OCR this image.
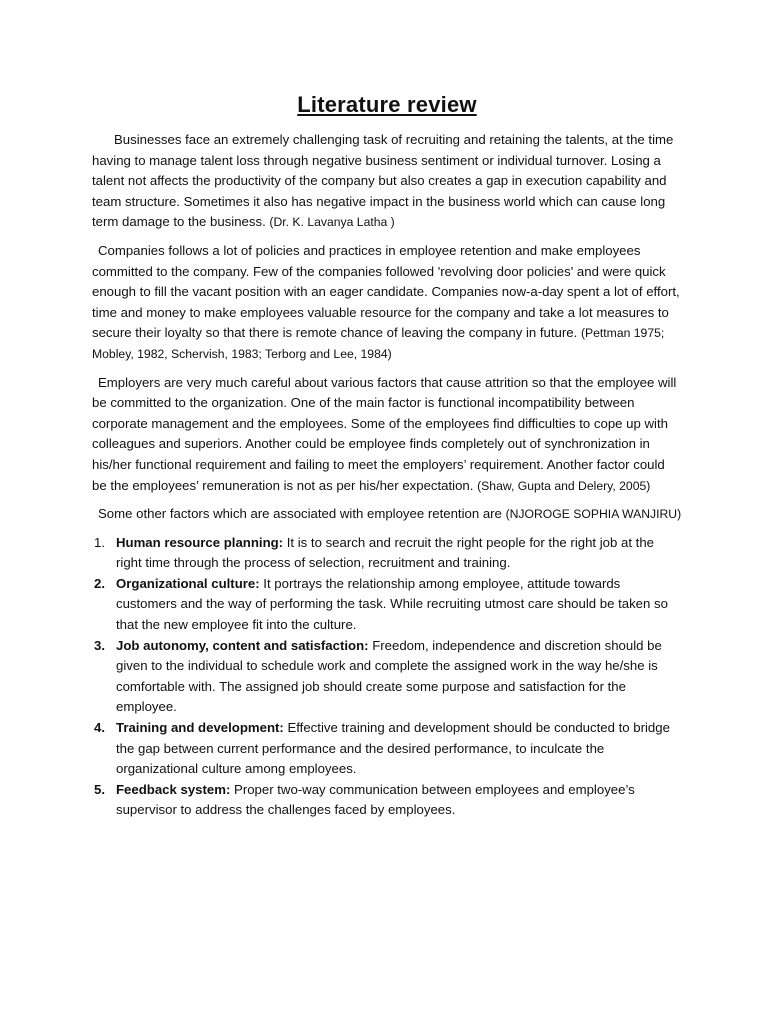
Literature review

Businesses face an extremely challenging task of recruiting and retaining the talents, at the time having to manage talent loss through negative business sentiment or individual turnover. Losing a talent not affects the productivity of the company but also creates a gap in execution capability and team structure. Sometimes it also has negative impact in the business world which can cause long term damage to the business. (Dr. K. Lavanya Latha )

Companies follows a lot of policies and practices in employee retention and make employees committed to the company. Few of the companies followed 'revolving door policies' and were quick enough to fill the vacant position with an eager candidate. Companies now-a-day spent a lot of effort, time and money to make employees valuable resource for the company and take a lot measures to secure their loyalty so that there is remote chance of leaving the company in future. (Pettman 1975; Mobley, 1982, Schervish, 1983; Terborg and Lee, 1984)

Employers are very much careful about various factors that cause attrition so that the employee will be committed to the organization. One of the main factor is functional incompatibility between corporate management and the employees. Some of the employees find difficulties to cope up with colleagues and superiors. Another could be employee finds completely out of synchronization in his/her functional requirement and failing to meet the employers’ requirement. Another factor could be the employees’ remuneration is not as per his/her expectation. (Shaw, Gupta and Delery, 2005)

Some other factors which are associated with employee retention are (NJOROGE SOPHIA WANJIRU)

1. Human resource planning: It is to search and recruit the right people for the right job at the right time through the process of selection, recruitment and training.
2. Organizational culture: It portrays the relationship among employee, attitude towards customers and the way of performing the task. While recruiting utmost care should be taken so that the new employee fit into the culture.
3. Job autonomy, content and satisfaction: Freedom, independence and discretion should be given to the individual to schedule work and complete the assigned work in the way he/she is comfortable with. The assigned job should create some purpose and satisfaction for the employee.
4. Training and development: Effective training and development should be conducted to bridge the gap between current performance and the desired performance, to inculcate the organizational culture among employees.
5. Feedback system: Proper two-way communication between employees and employee’s supervisor to address the challenges faced by employees.
